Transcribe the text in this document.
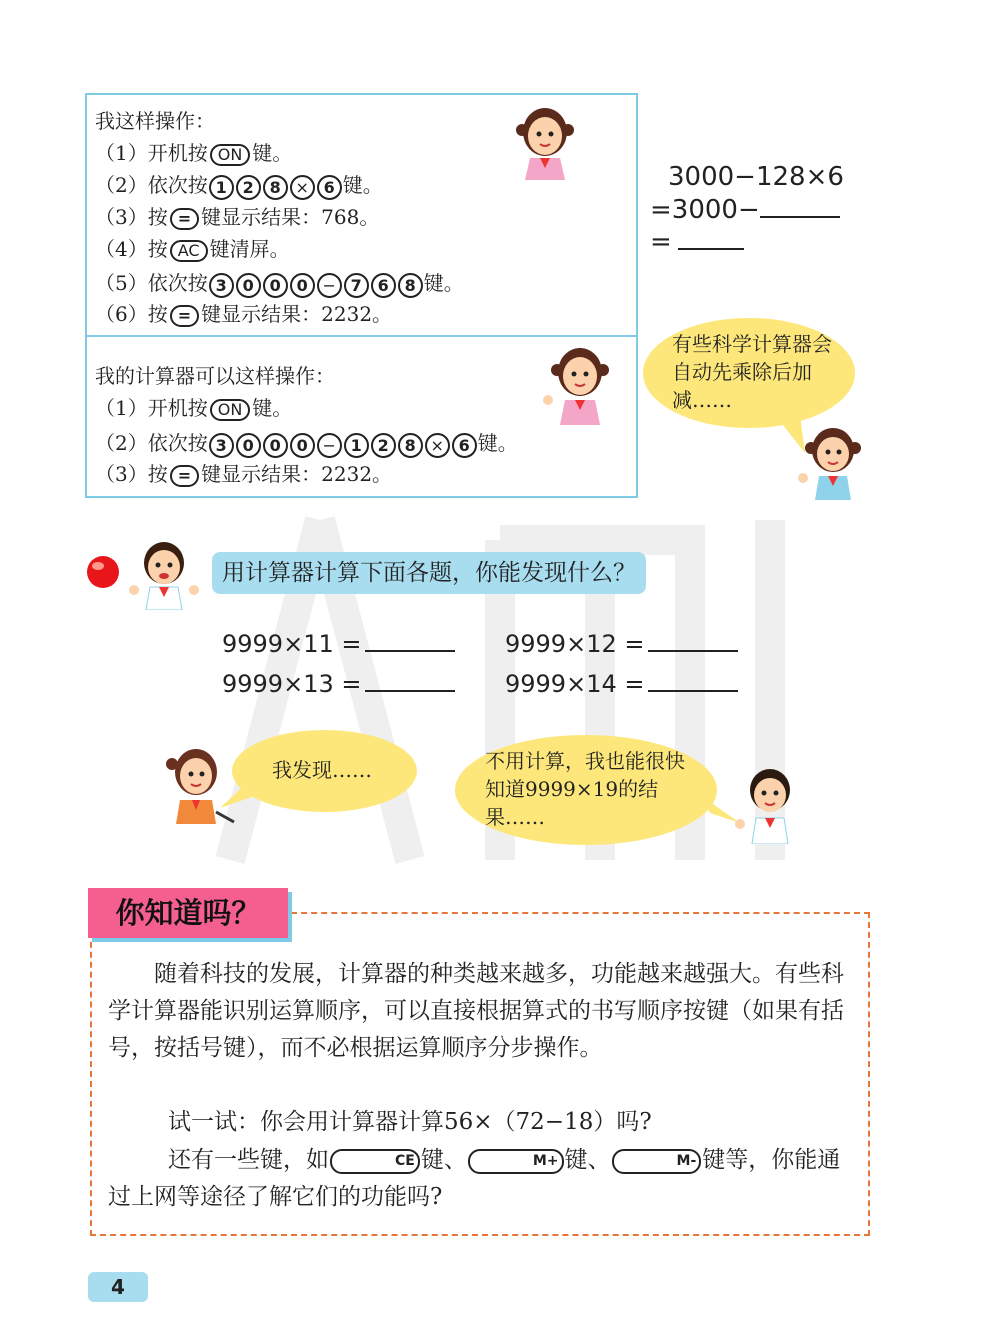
我这样操作：
（1）开机按 ON 键。
（2）依次按 1 2 8 × 6 键。
（3）按 = 键显示结果：768。
（4）按 AC 键清屏。
（5）依次按 3 0 0 0 − 7 6 8 键。
（6）按 = 键显示结果：2232。
我的计算器可以这样操作：
（1）开机按 ON 键。
（2）依次按 3 0 0 0 − 1 2 8 × 6 键。
（3）按 = 键显示结果：2232。
3000−128×6
=3000−
=
有些科学计算器会自动先乘除后加减……
用计算器计算下面各题，你能发现什么？
9999×11 =	9999×12 =
9999×13 =	9999×14 =
我发现……	不用计算，我也能很快知道9999×19的结果……
你知道吗？
随着科技的发展，计算器的种类越来越多，功能越来越强大。有些科学计算器能识别运算顺序，可以直接根据算式的书写顺序按键（如果有括号，按括号键），而不必根据运算顺序分步操作。
试一试：你会用计算器计算56×（72−18）吗?
还有一些键，如	CE 键、	M+ 键、	M- 键等，你能通过上网等途径了解它们的功能吗?
4
